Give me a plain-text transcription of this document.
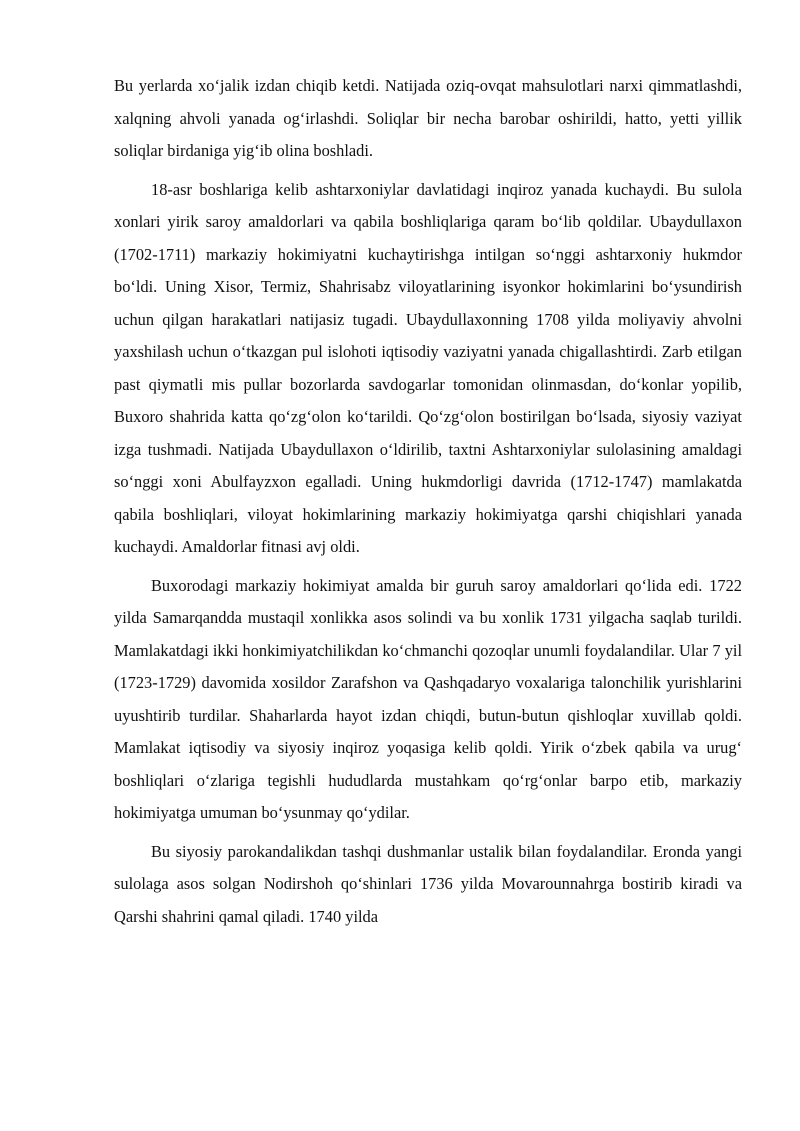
Bu yerlarda xo‘jalik izdan chiqib ketdi. Natijada oziq-ovqat mahsulotlari narxi qimmatlashdi, xalqning ahvoli yanada og‘irlashdi. Soliqlar bir necha barobar oshirildi, hatto, yetti yillik soliqlar birdaniga yig‘ib olina boshladi.

18-asr boshlariga kelib ashtarxoniylar davlatidagi inqiroz yanada kuchaydi. Bu sulola xonlari yirik saroy amaldorlari va qabila boshliqlariga qaram bo‘lib qoldilar. Ubaydullaxon (1702-1711) markaziy hokimiyatni kuchaytirishga intilgan so‘nggi ashtarxoniy hukmdor bo‘ldi. Uning Xisor, Termiz, Shahrisabz viloyatlarining isyonkor hokimlarini bo‘ysundirish uchun qilgan harakatlari natijasiz tugadi. Ubaydullaxonning 1708 yilda moliyaviy ahvolni yaxshilash uchun o‘tkazgan pul islohoti iqtisodiy vaziyatni yanada chigallashtirdi. Zarb etilgan past qiymatli mis pullar bozorlarda savdogarlar tomonidan olinmasdan, do‘konlar yopilib, Buxoro shahrida katta qo‘zg‘olon ko‘tarildi. Qo‘zg‘olon bostirilgan bo‘lsada, siyosiy vaziyat izga tushmadi. Natijada Ubaydullaxon o‘ldirilib, taxtni Ashtarxoniylar sulolasining amaldagi so‘nggi xoni Abulfayzxon egalladi. Uning hukmdorligi davrida (1712-1747) mamlakatda qabila boshliqlari, viloyat hokimlarining markaziy hokimiyatga qarshi chiqishlari yanada kuchaydi. Amaldorlar fitnasi avj oldi.

Buxorodagi markaziy hokimiyat amalda bir guruh saroy amaldorlari qo‘lida edi. 1722 yilda Samarqandda mustaqil xonlikka asos solindi va bu xonlik 1731 yilgacha saqlab turildi. Mamlakatdagi ikki honkimiyatchilikdan ko‘chmanchi qozoqlar unumli foydalandilar. Ular 7 yil (1723-1729) davomida xosildor Zarafshon va Qashqadaryo voxalariga talonchilik yurishlarini uyushtirib turdilar. Shaharlarda hayot izdan chiqdi, butun-butun qishloqlar xuvillab qoldi. Mamlakat iqtisodiy va siyosiy inqiroz yoqasiga kelib qoldi. Yirik o‘zbek qabila va urug‘ boshliqlari o‘zlariga tegishli hududlarda mustahkam qo‘rg‘onlar barpo etib, markaziy hokimiyatga umuman bo‘ysunmay qo‘ydilar.

Bu siyosiy parokandalikdan tashqi dushmanlar ustalik bilan foydalandilar. Eronda yangi sulolaga asos solgan Nodirshoh qo‘shinlari 1736 yilda Movarounnahrga bostirib kiradi va Qarshi shahrini qamal qiladi. 1740 yilda
